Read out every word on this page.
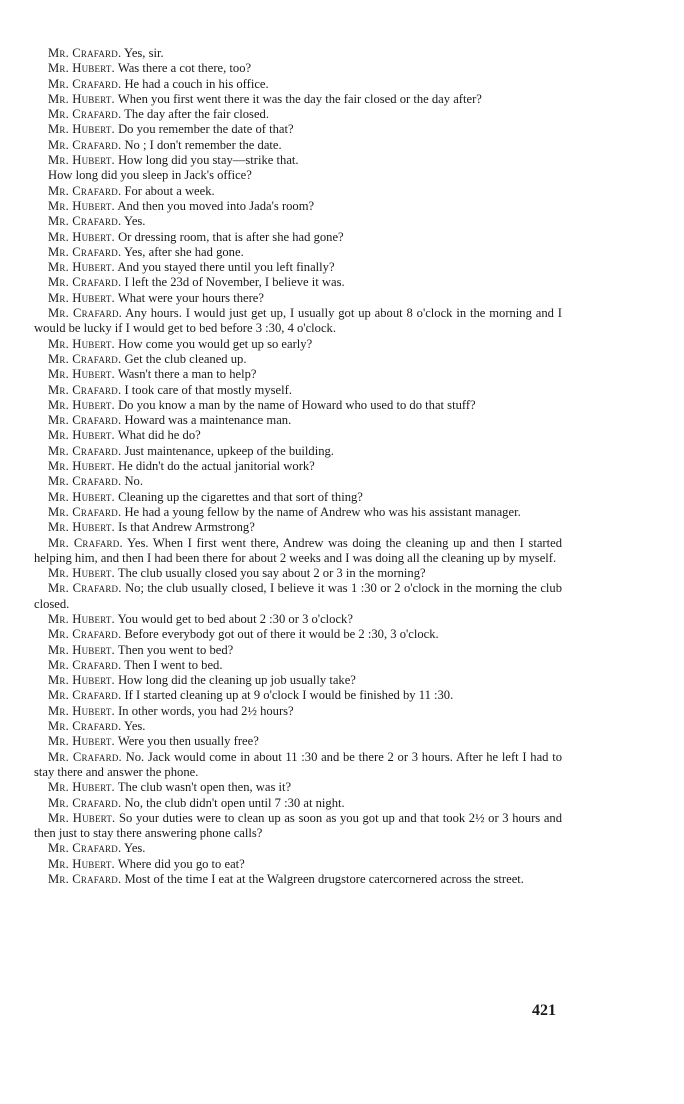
Mr. Crafard. Yes, sir.

Mr. Hubert. Was there a cot there, too?

Mr. Crafard. He had a couch in his office.

Mr. Hubert. When you first went there it was the day the fair closed or the day after?

Mr. Crafard. The day after the fair closed.

Mr. Hubert. Do you remember the date of that?

Mr. Crafard. No ; I don't remember the date.

Mr. Hubert. How long did you stay—strike that.

How long did you sleep in Jack's office?

Mr. Crafard. For about a week.

Mr. Hubert. And then you moved into Jada's room?

Mr. Crafard. Yes.

Mr. Hubert. Or dressing room, that is after she had gone?

Mr. Crafard. Yes, after she had gone.

Mr. Hubert. And you stayed there until you left finally?

Mr. Crafard. I left the 23d of November, I believe it was.

Mr. Hubert. What were your hours there?

Mr. Crafard. Any hours. I would just get up, I usually got up about 8 o'clock in the morning and I would be lucky if I would get to bed before 3 :30, 4 o'clock.

Mr. Hubert. How come you would get up so early?

Mr. Crafard. Get the club cleaned up.

Mr. Hubert. Wasn't there a man to help?

Mr. Crafard. I took care of that mostly myself.

Mr. Hubert. Do you know a man by the name of Howard who used to do that stuff?

Mr. Crafard. Howard was a maintenance man.

Mr. Hubert. What did he do?

Mr. Crafard. Just maintenance, upkeep of the building.

Mr. Hubert. He didn't do the actual janitorial work?

Mr. Crafard. No.

Mr. Hubert. Cleaning up the cigarettes and that sort of thing?

Mr. Crafard. He had a young fellow by the name of Andrew who was his assistant manager.

Mr. Hubert. Is that Andrew Armstrong?

Mr. Crafard. Yes. When I first went there, Andrew was doing the cleaning up and then I started helping him, and then I had been there for about 2 weeks and I was doing all the cleaning up by myself.

Mr. Hubert. The club usually closed you say about 2 or 3 in the morning?

Mr. Crafard. No; the club usually closed, I believe it was 1 :30 or 2 o'clock in the morning the club closed.

Mr. Hubert. You would get to bed about 2 :30 or 3 o'clock?

Mr. Crafard. Before everybody got out of there it would be 2 :30, 3 o'clock.

Mr. Hubert. Then you went to bed?

Mr. Crafard. Then I went to bed.

Mr. Hubert. How long did the cleaning up job usually take?

Mr. Crafard. If I started cleaning up at 9 o'clock I would be finished by 11 :30.

Mr. Hubert. In other words, you had 2½ hours?

Mr. Crafard. Yes.

Mr. Hubert. Were you then usually free?

Mr. Crafard. No. Jack would come in about 11 :30 and be there 2 or 3 hours. After he left I had to stay there and answer the phone.

Mr. Hubert. The club wasn't open then, was it?

Mr. Crafard. No, the club didn't open until 7 :30 at night.

Mr. Hubert. So your duties were to clean up as soon as you got up and that took 2½ or 3 hours and then just to stay there answering phone calls?

Mr. Crafard. Yes.

Mr. Hubert. Where did you go to eat?

Mr. Crafard. Most of the time I eat at the Walgreen drugstore catercornered across the street.

421
